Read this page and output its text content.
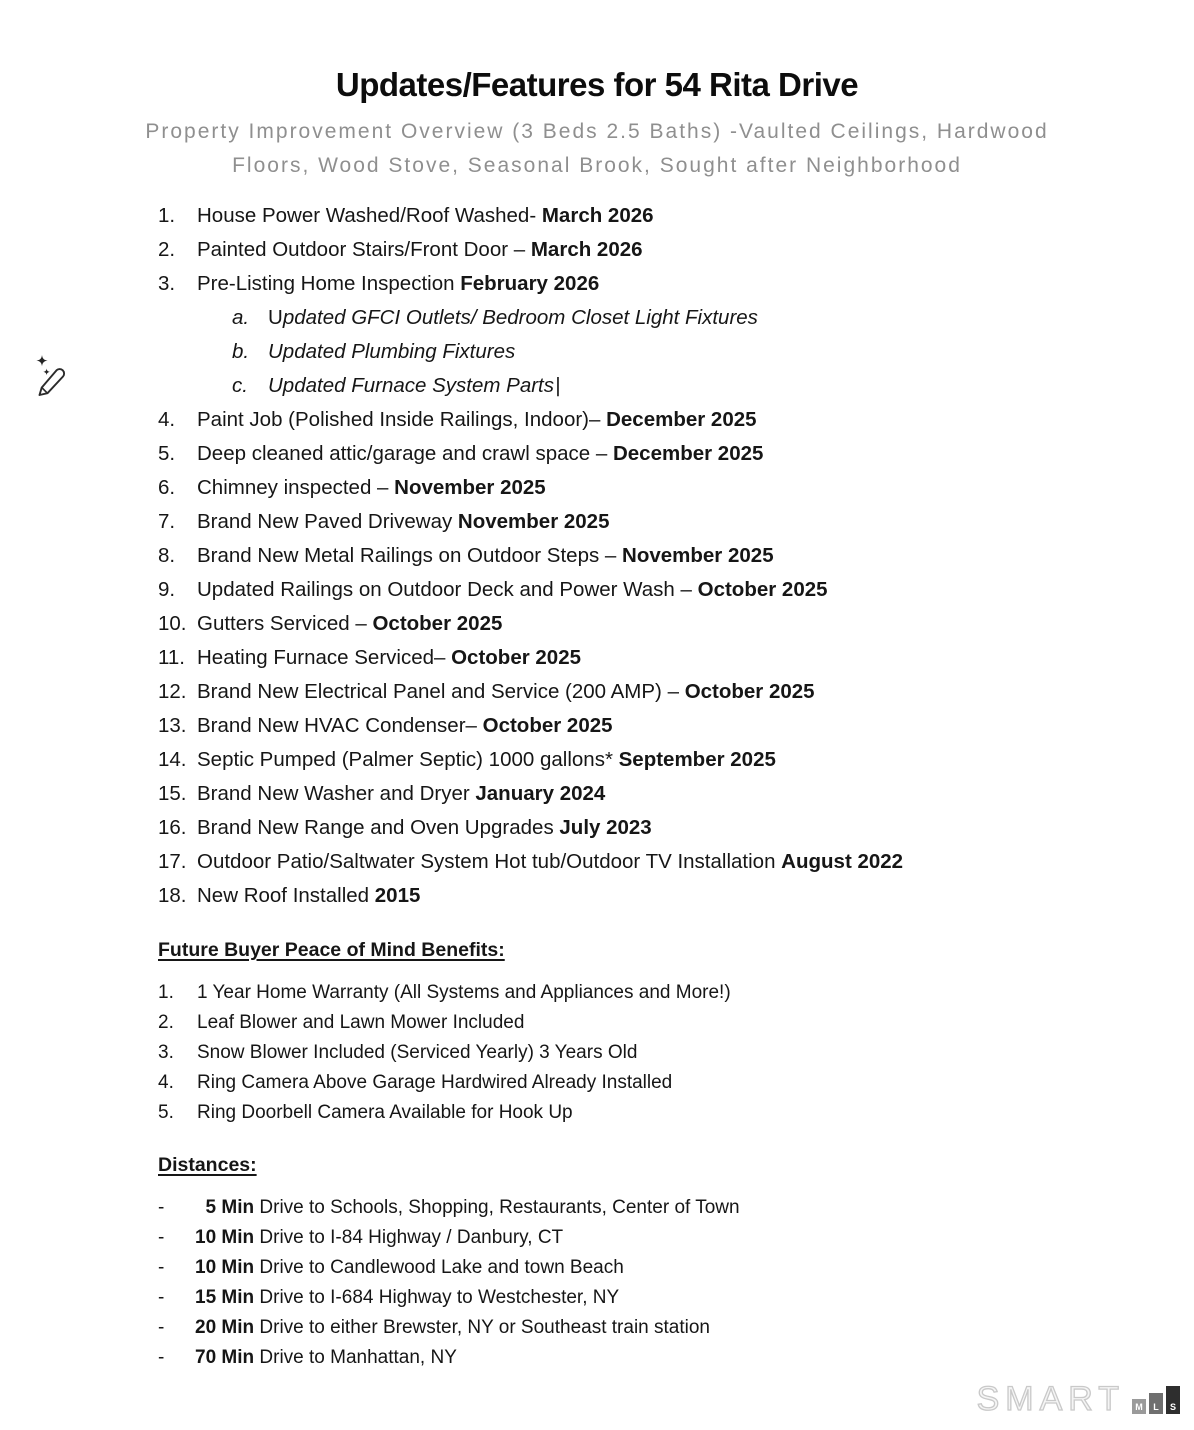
Updates/Features for 54 Rita Drive
Property Improvement Overview (3 Beds 2.5 Baths) -Vaulted Ceilings, Hardwood
Floors, Wood Stove, Seasonal Brook, Sought after Neighborhood
1.	House Power Washed/Roof Washed- March 2026
2.	Painted Outdoor Stairs/Front Door – March 2026
3.	Pre-Listing Home Inspection February 2026
a. Updated GFCI Outlets/ Bedroom Closet Light Fixtures
b. Updated Plumbing Fixtures
c. Updated Furnace System Parts|
4.	Paint Job (Polished Inside Railings, Indoor)– December 2025
5.	Deep cleaned attic/garage and crawl space – December 2025
6.	Chimney inspected – November 2025
7.	Brand New Paved Driveway November 2025
8.	Brand New Metal Railings on Outdoor Steps – November 2025
9.	Updated Railings on Outdoor Deck and Power Wash – October 2025
10. Gutters Serviced – October 2025
11. Heating Furnace Serviced– October 2025
12. Brand New Electrical Panel and Service (200 AMP) – October 2025
13. Brand New HVAC Condenser– October 2025
14. Septic Pumped (Palmer Septic) 1000 gallons* September 2025
15. Brand New Washer and Dryer January 2024
16. Brand New Range and Oven Upgrades July 2023
17. Outdoor Patio/Saltwater System Hot tub/Outdoor TV Installation August 2022
18. New Roof Installed 2015
Future Buyer Peace of Mind Benefits:
1.	1 Year Home Warranty (All Systems and Appliances and More!)
2.	Leaf Blower and Lawn Mower Included
3.	Snow Blower Included (Serviced Yearly) 3 Years Old
4.	Ring Camera Above Garage Hardwired Already Installed
5.	Ring Doorbell Camera Available for Hook Up
Distances:
-	5 Min Drive to Schools, Shopping, Restaurants, Center of Town
-	10 Min Drive to I-84 Highway / Danbury, CT
-	10 Min Drive to Candlewood Lake and town Beach
-	15 Min Drive to I-684 Highway to Westchester, NY
-	20 Min Drive to either Brewster, NY or Southeast train station
-	70 Min Drive to Manhattan, NY
SMART	M	L	S
